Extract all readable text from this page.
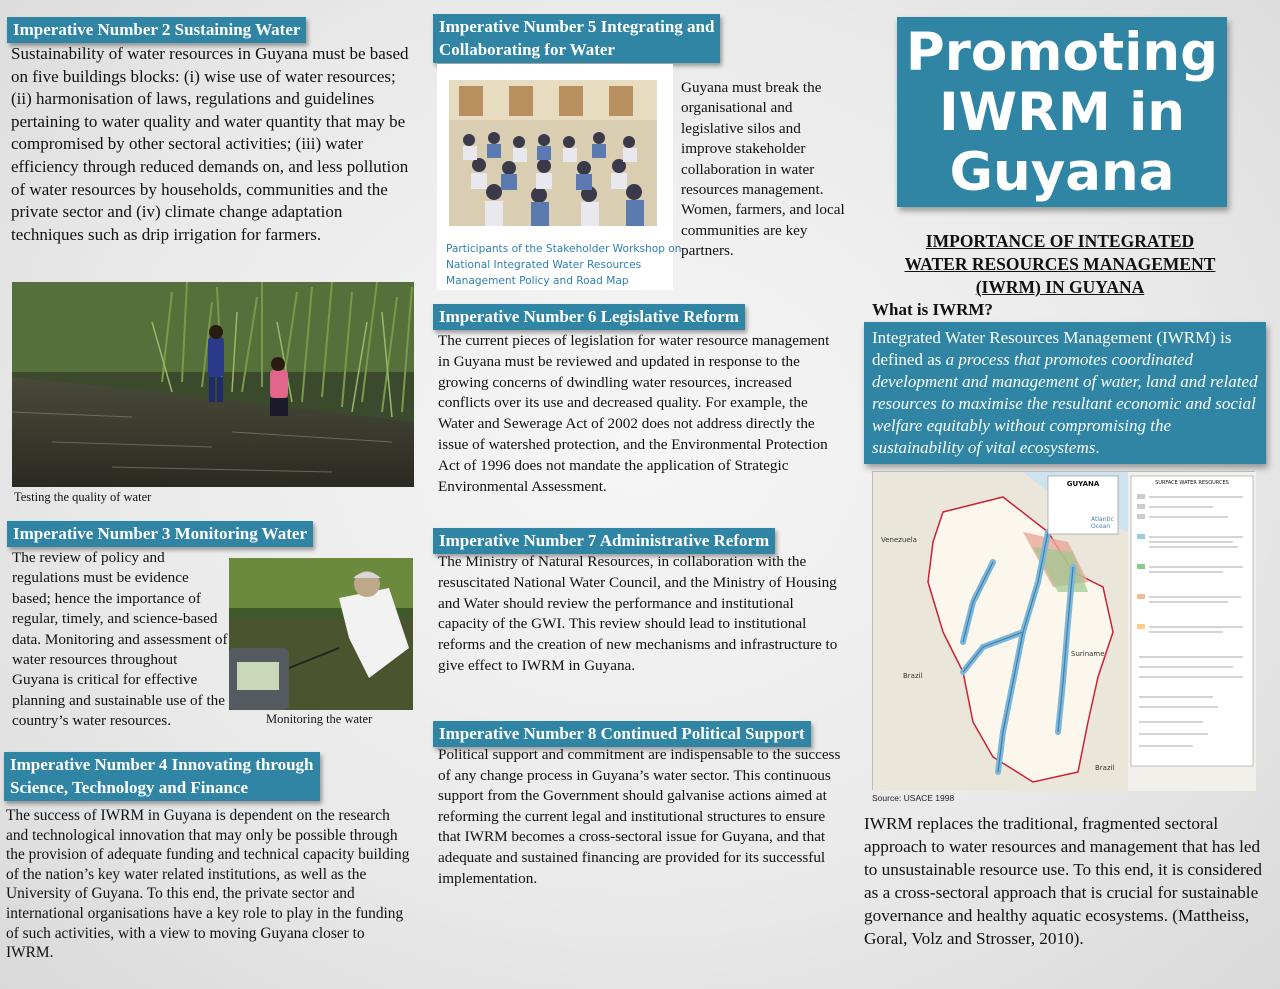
Imperative Number 2 Sustaining Water
Sustainability of water resources in Guyana must be based on five buildings blocks: (i) wise use of water resources; (ii) harmonisation of laws, regulations and guidelines pertaining to water quality and water quantity that may be compromised by other sectoral activities; (iii) water efficiency through reduced demands on, and less pollution of water resources by households, communities and the private sector and (iv) climate change adaptation techniques such as drip irrigation for farmers.
Testing the quality of water
Imperative Number 3 Monitoring Water
The review of policy and regulations must be evidence based; hence the importance of regular, timely, and science-based data. Monitoring and assessment of water resources throughout Guyana is critical for effective planning and sustainable use of the country’s water resources.	Monitoring the water
Imperative Number 4 Innovating through
Science, Technology and Finance
The success of IWRM in Guyana is dependent on the research and technological innovation that may only be possible through the provision of adequate funding and technical capacity building of the nation’s key water related institutions, as well as the University of Guyana. To this end, the private sector and international organisations have a key role to play in the funding of such activities, with a view to moving Guyana closer to IWRM.
Imperative Number 5 Integrating and
Collaborating for Water
Participants of the Stakeholder Workshop on
National Integrated Water Resources
Management Policy and Road Map
Guyana must break the organisational and legislative silos and improve stakeholder collaboration in water resources management. Women, farmers, and local communities are key partners.
Imperative Number 6 Legislative Reform
The current pieces of legislation for water resource management in Guyana must be reviewed and updated in response to the growing concerns of dwindling water resources, increased conflicts over its use and decreased quality. For example, the Water and Sewerage Act of 2002 does not address directly the issue of watershed protection, and the Environmental Protection Act of 1996 does not mandate the application of Strategic Environmental Assessment.
Imperative Number 7 Administrative Reform
The Ministry of Natural Resources, in collaboration with the resuscitated National Water Council, and the Ministry of Housing and Water should review the performance and institutional capacity of the GWI. This review should lead to institutional reforms and the creation of new mechanisms and infrastructure to give effect to IWRM in Guyana.
Imperative Number 8 Continued Political Support
Political support and commitment are indispensable to the success of any change process in Guyana’s water sector. This continuous support from the Government should galvanise actions aimed at reforming the current legal and institutional structures to ensure that IWRM becomes a cross-sectoral issue for Guyana, and that adequate and sustained financing are provided for its successful implementation.
Promoting
IWRM in
Guyana
IMPORTANCE OF INTEGRATED
WATER RESOURCES MANAGEMENT
(IWRM) IN GUYANA
What is IWRM?
Integrated Water Resources Management (IWRM) is defined as a process that promotes coordinated development and management of water, land and related resources to maximise the resultant economic and social welfare equitably without compromising the sustainability of vital ecosystems.
GUYANA	SURFACE WATER RESOURCES
Venezuela
Suriname
Brazil
Brazil
Atlantic Ocean
Source: USACE 1998
IWRM replaces the traditional, fragmented sectoral approach to water resources and management that has led to unsustainable resource use. To this end, it is considered as a cross-sectoral approach that is crucial for sustainable governance and healthy aquatic ecosystems. (Mattheiss, Goral, Volz and Strosser, 2010).
